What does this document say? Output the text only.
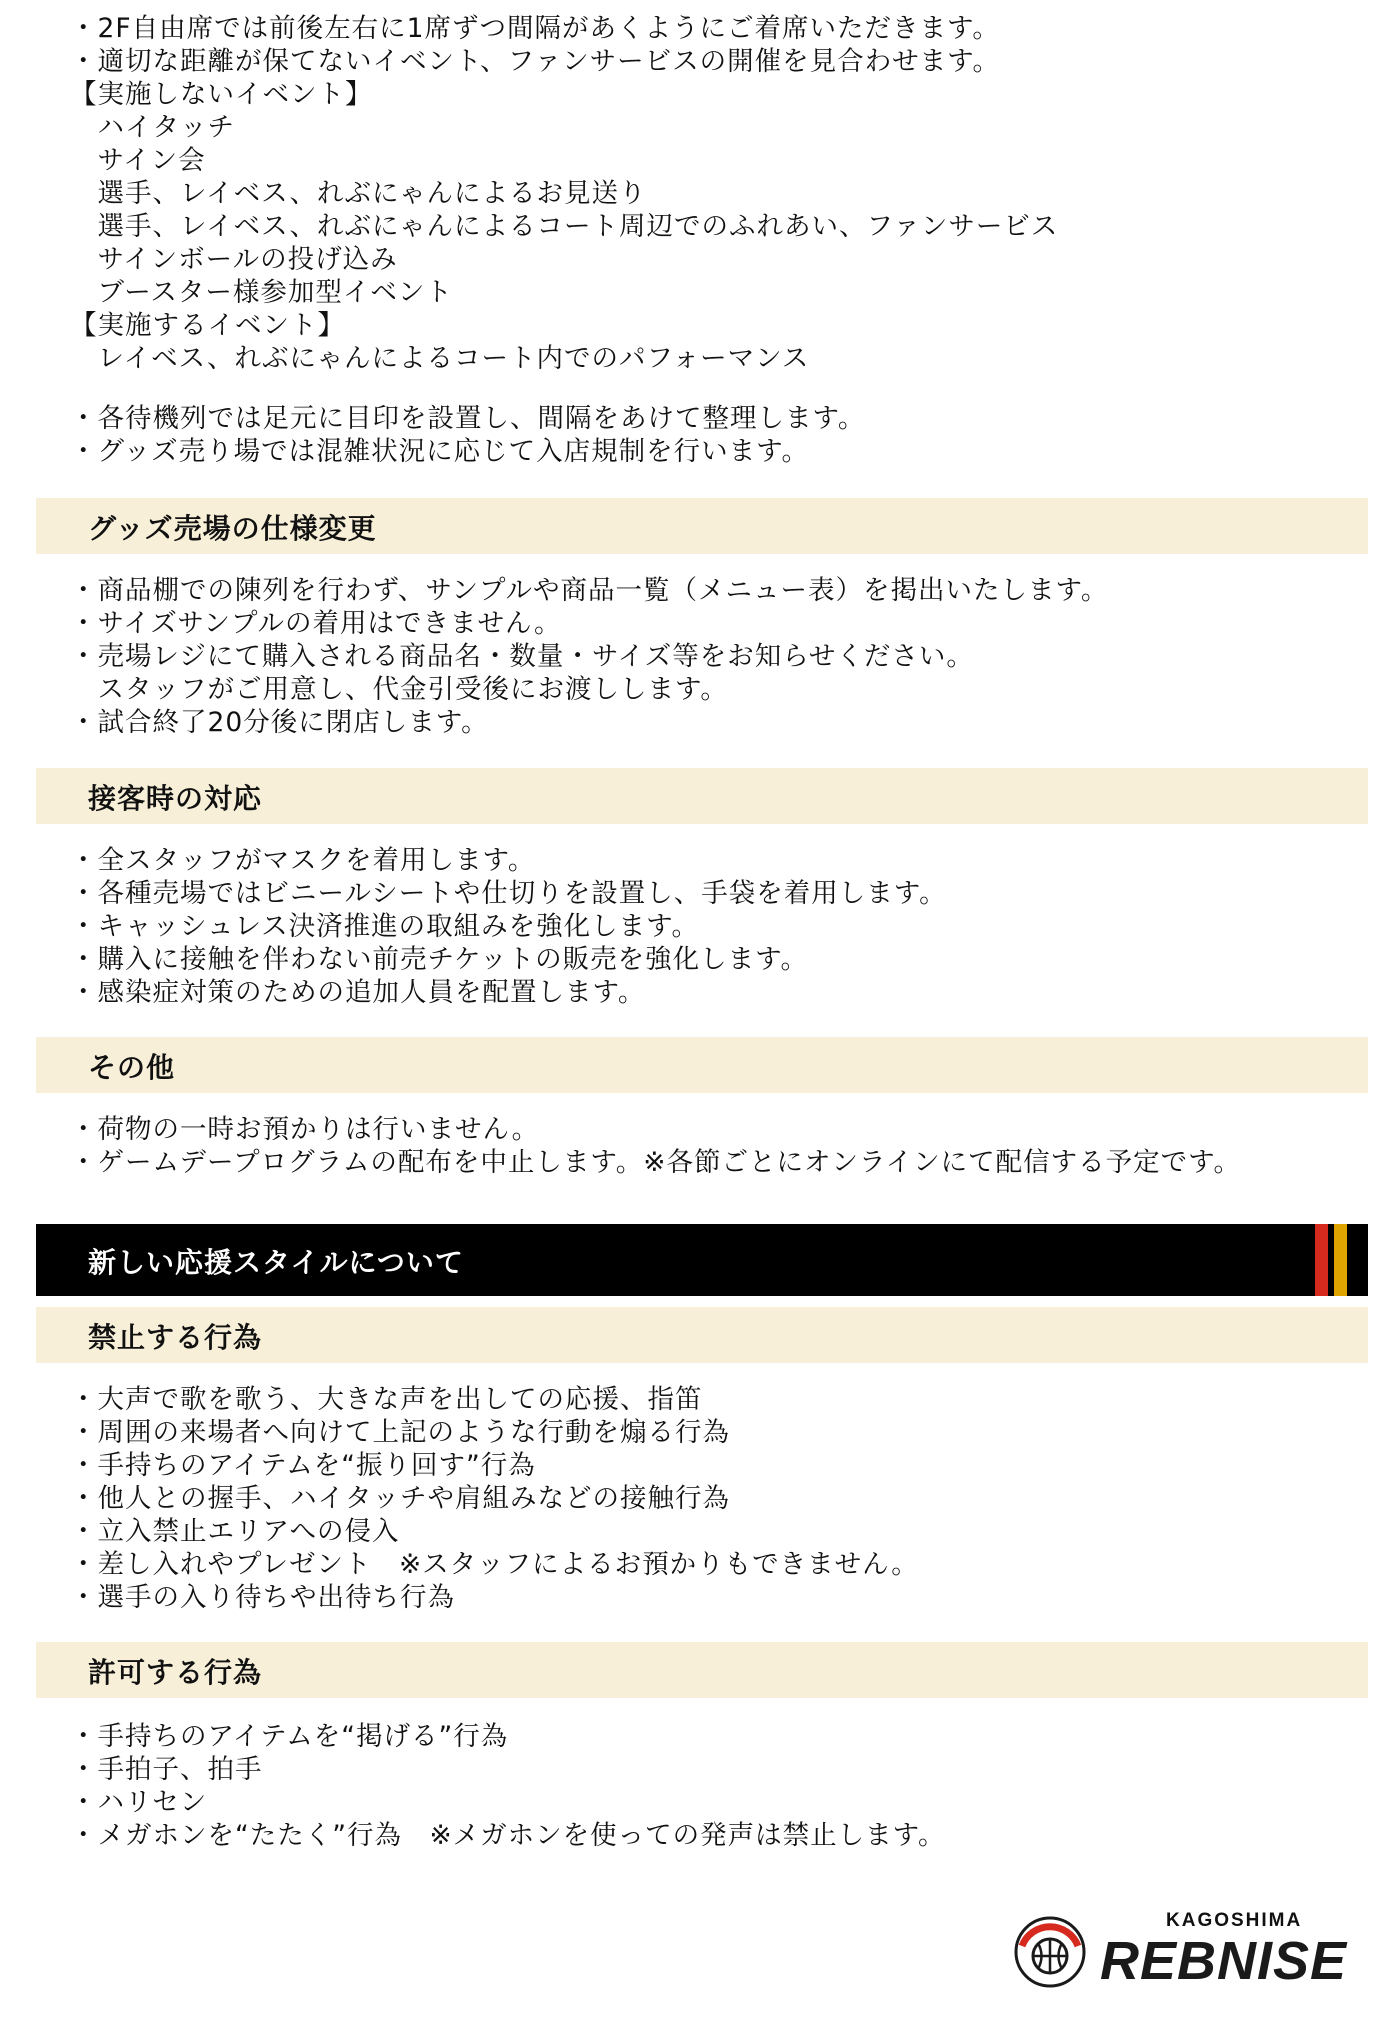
・2F自由席では前後左右に1席ずつ間隔があくようにご着席いただきます。
・適切な距離が保てないイベント、ファンサービスの開催を見合わせます。
【実施しないイベント】
　ハイタッチ
　サイン会
　選手、レイベス、れぶにゃんによるお見送り
　選手、レイベス、れぶにゃんによるコート周辺でのふれあい、ファンサービス
　サインボールの投げ込み
　ブースター様参加型イベント
【実施するイベント】
　レイベス、れぶにゃんによるコート内でのパフォーマンス
・各待機列では足元に目印を設置し、間隔をあけて整理します。
・グッズ売り場では混雑状況に応じて入店規制を行います。
グッズ売場の仕様変更
・商品棚での陳列を行わず、サンプルや商品一覧（メニュー表）を掲出いたします。
・サイズサンプルの着用はできません。
・売場レジにて購入される商品名・数量・サイズ等をお知らせください。
　スタッフがご用意し、代金引受後にお渡しします。
・試合終了20分後に閉店します。
接客時の対応
・全スタッフがマスクを着用します。
・各種売場ではビニールシートや仕切りを設置し、手袋を着用します。
・キャッシュレス決済推進の取組みを強化します。
・購入に接触を伴わない前売チケットの販売を強化します。
・感染症対策のための追加人員を配置します。
その他
・荷物の一時お預かりは行いません。
・ゲームデープログラムの配布を中止します。※各節ごとにオンラインにて配信する予定です。
新しい応援スタイルについて
禁止する行為
・大声で歌を歌う、大きな声を出しての応援、指笛
・周囲の来場者へ向けて上記のような行動を煽る行為
・手持ちのアイテムを“振り回す”行為
・他人との握手、ハイタッチや肩組みなどの接触行為
・立入禁止エリアへの侵入
・差し入れやプレゼント　※スタッフによるお預かりもできません。
・選手の入り待ちや出待ち行為
許可する行為
・手持ちのアイテムを“掲げる”行為
・手拍子、拍手
・ハリセン
・メガホンを“たたく”行為　※メガホンを使っての発声は禁止します。
KAGOSHIMA
REBNISE
